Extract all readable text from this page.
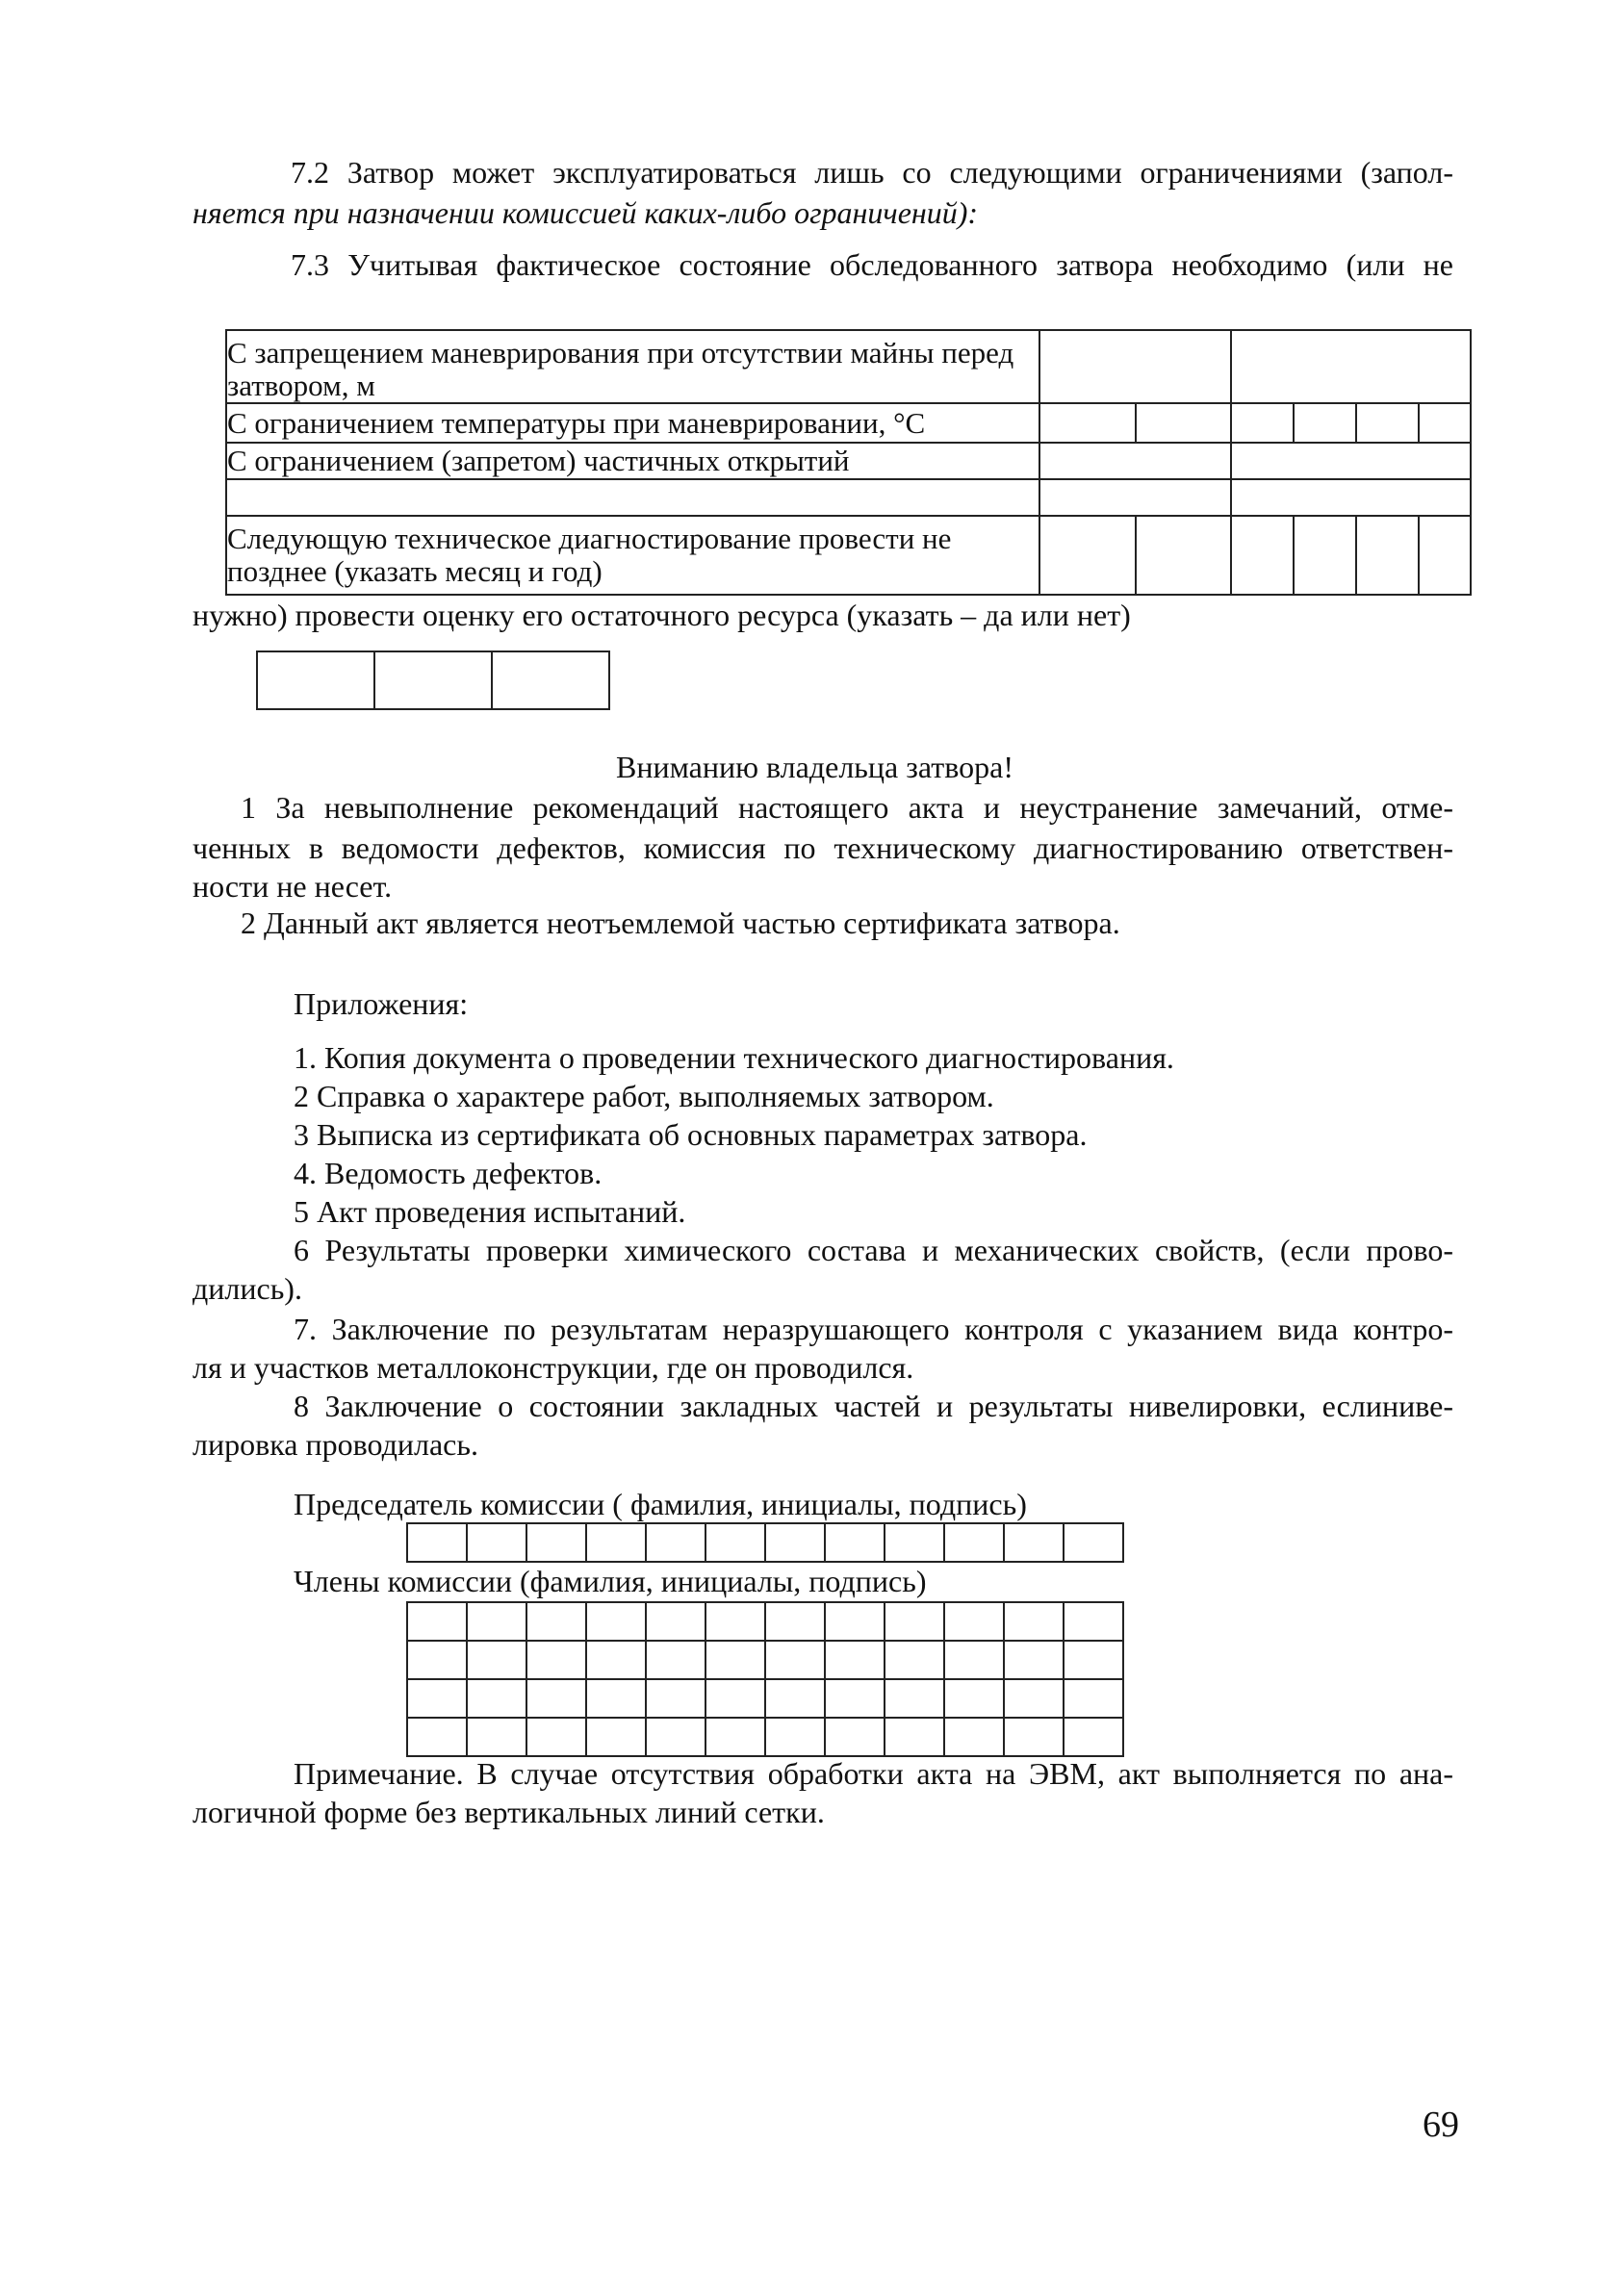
7.2 Затвор может эксплуатироваться лишь со следующими ограничениями (запол-
няется при назначении комиссией каких-либо ограничений):
7.3 Учитывая фактическое состояние обследованного затвора необходимо (или не
С запрещением маневрирования при отсутствии майны перед затвором, м						
С ограничением температуры при маневрировании, °С						
С ограничением (запретом) частичных открытий						

Следующую техническое диагностирование провести не позднее (указать месяц и год)						
нужно) провести оценку его остаточного ресурса (указать – да или нет)
Вниманию владельца затвора!
1 За невыполнение рекомендаций настоящего акта и неустранение замечаний, отме-
ченных в ведомости дефектов, комиссия по техническому диагностированию ответствен-
ности не несет.
2 Данный акт является неотъемлемой частью сертификата затвора.
Приложения:
1. Копия документа о проведении технического диагностирования.
2 Справка о характере работ, выполняемых затвором.
3 Выписка из сертификата об основных параметрах затвора.
4. Ведомость дефектов.
5 Акт проведения испытаний.
6 Результаты проверки химического состава и механических свойств, (если прово-
дились).
7. Заключение по результатам неразрушающего контроля с указанием вида контро-
ля и участков металлоконструкции, где он проводился.
8 Заключение о состоянии закладных частей и результаты нивелировки, еслиниве-
лировка проводилась.
Председатель комиссии ( фамилия, инициалы, подпись)

Члены комиссии (фамилия, инициалы, подпись)

Примечание. В случае отсутствия обработки акта на ЭВМ, акт выполняется по ана-
логичной форме без вертикальных линий сетки.
69
